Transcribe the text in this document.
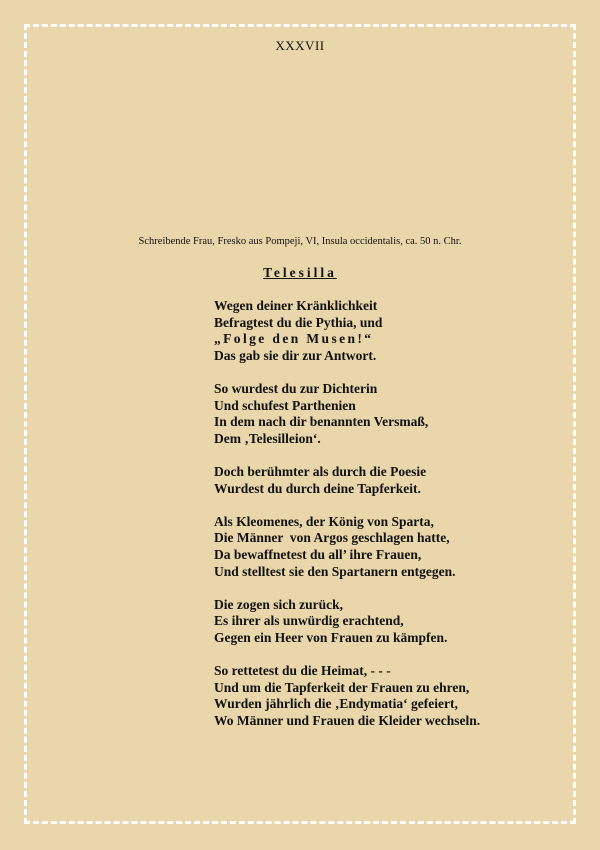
XXXVII
Schreibende Frau, Fresko aus Pompeji, VI, Insula occidentalis, ca. 50 n. Chr.
Telesilla
Wegen deiner Kränklichkeit
Befragtest du die Pythia, und
„Folge den Musen!“
Das gab sie dir zur Antwort.
So wurdest du zur Dichterin
Und schufest Parthenien
In dem nach dir benannten Versmaß,
Dem ‚Telesilleion‘.
Doch berühmter als durch die Poesie
Wurdest du durch deine Tapferkeit.
Als Kleomenes, der König von Sparta,
Die Männer  von Argos geschlagen hatte,
Da bewaffnetest du all’ ihre Frauen,
Und stelltest sie den Spartanern entgegen.
Die zogen sich zurück,
Es ihrer als unwürdig erachtend,
Gegen ein Heer von Frauen zu kämpfen.
So rettetest du die Heimat, - - -
Und um die Tapferkeit der Frauen zu ehren,
Wurden jährlich die ‚Endymatia‘ gefeiert,
Wo Männer und Frauen die Kleider wechseln.
